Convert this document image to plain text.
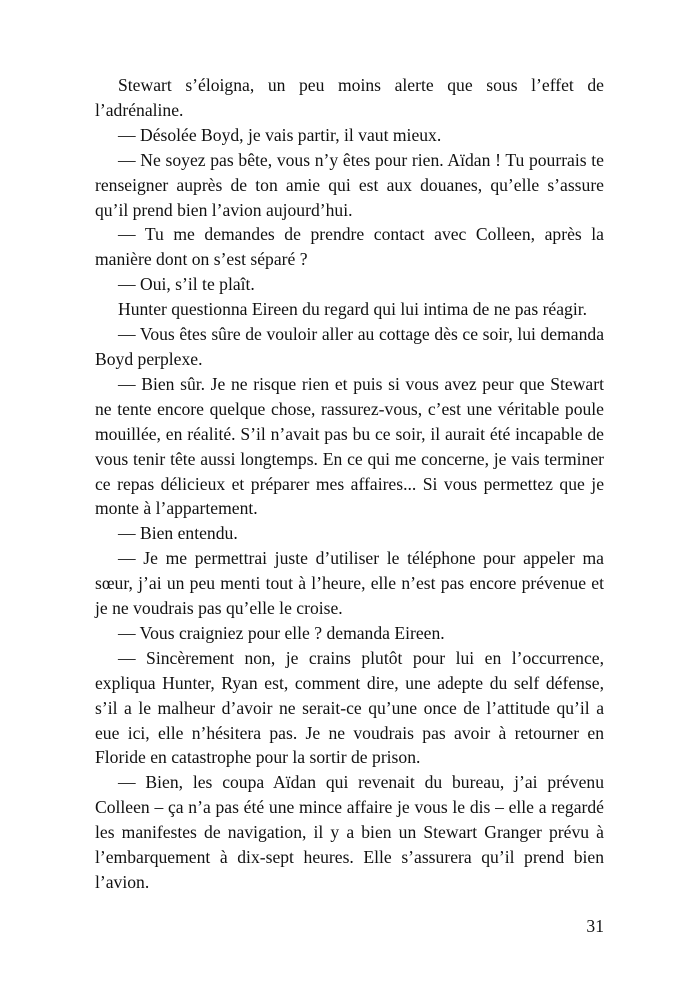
Stewart s’éloigna, un peu moins alerte que sous l’effet de l’adrénaline.

— Désolée Boyd, je vais partir, il vaut mieux.

— Ne soyez pas bête, vous n’y êtes pour rien. Aïdan ! Tu pourrais te renseigner auprès de ton amie qui est aux douanes, qu’elle s’assure qu’il prend bien l’avion aujourd’hui.

— Tu me demandes de prendre contact avec Colleen, après la manière dont on s’est séparé ?

— Oui, s’il te plaît.

Hunter questionna Eireen du regard qui lui intima de ne pas réagir.

— Vous êtes sûre de vouloir aller au cottage dès ce soir, lui demanda Boyd perplexe.

— Bien sûr. Je ne risque rien et puis si vous avez peur que Stewart ne tente encore quelque chose, rassurez-vous, c’est une véritable poule mouillée, en réalité. S’il n’avait pas bu ce soir, il aurait été incapable de vous tenir tête aussi longtemps. En ce qui me concerne, je vais terminer ce repas délicieux et préparer mes affaires... Si vous permettez que je monte à l’appartement.

— Bien entendu.

— Je me permettrai juste d’utiliser le téléphone pour appeler ma sœur, j’ai un peu menti tout à l’heure, elle n’est pas encore prévenue et je ne voudrais pas qu’elle le croise.

— Vous craigniez pour elle ? demanda Eireen.

— Sincèrement non, je crains plutôt pour lui en l’occurrence, expliqua Hunter, Ryan est, comment dire, une adepte du self défense, s’il a le malheur d’avoir ne serait-ce qu’une once de l’attitude qu’il a eue ici, elle n’hésitera pas. Je ne voudrais pas avoir à retourner en Floride en catastrophe pour la sortir de prison.

— Bien, les coupa Aïdan qui revenait du bureau, j’ai prévenu Colleen – ça n’a pas été une mince affaire je vous le dis – elle a regardé les manifestes de navigation, il y a bien un Stewart Granger prévu à l’embarquement à dix-sept heures. Elle s’assurera qu’il prend bien l’avion.

31
